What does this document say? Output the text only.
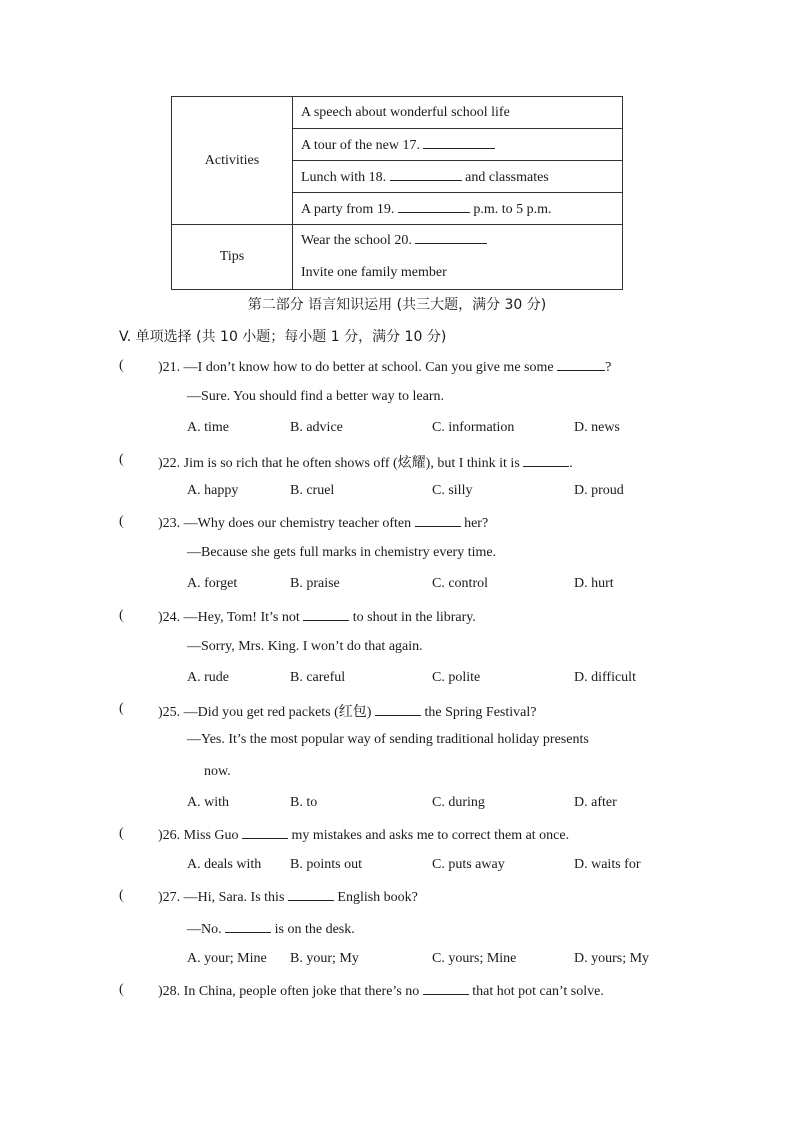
Activities	A speech about wonderful school life
	A tour of the new 17.
	Lunch with 18. and classmates
	A party from 19. p.m. to 5 p.m.
Tips	Wear the school 20.
Invite one family member
第二部分 语言知识运用 (共三大题，满分 30 分)
V. 单项选择 (共 10 小题；每小题 1 分，满分 10 分)
( )21. —I don’t know how to do better at school. Can you give me some	?
—Sure. You should find a better way to learn.
A. time	B. advice	C. information	D. news
( )22. Jim is so rich that he often shows off (炫耀), but I think it is	.
A. happy	B. cruel	C. silly	D. proud
( )23. —Why does our chemistry teacher often	her?
—Because she gets full marks in chemistry every time.
A. forget	B. praise	C. control	D. hurt
( )24. —Hey, Tom! It’s not	to shout in the library.
—Sorry, Mrs. King. I won’t do that again.
A. rude	B. careful	C. polite	D. difficult
( )25. —Did you get red packets (红包)	the Spring Festival?
—Yes. It’s the most popular way of sending traditional holiday presents
now.
A. with	B. to	C. during	D. after
( )26. Miss Guo	my mistakes and asks me to correct them at once.
A. deals with B. points out	C. puts away	D. waits for
( )27. —Hi, Sara. Is this	English book?
—No.	is on the desk.
A. your; Mine B. your; My	C. yours; Mine	D. yours; My
( )28. In China, people often joke that there’s no	that hot pot can’t solve.
